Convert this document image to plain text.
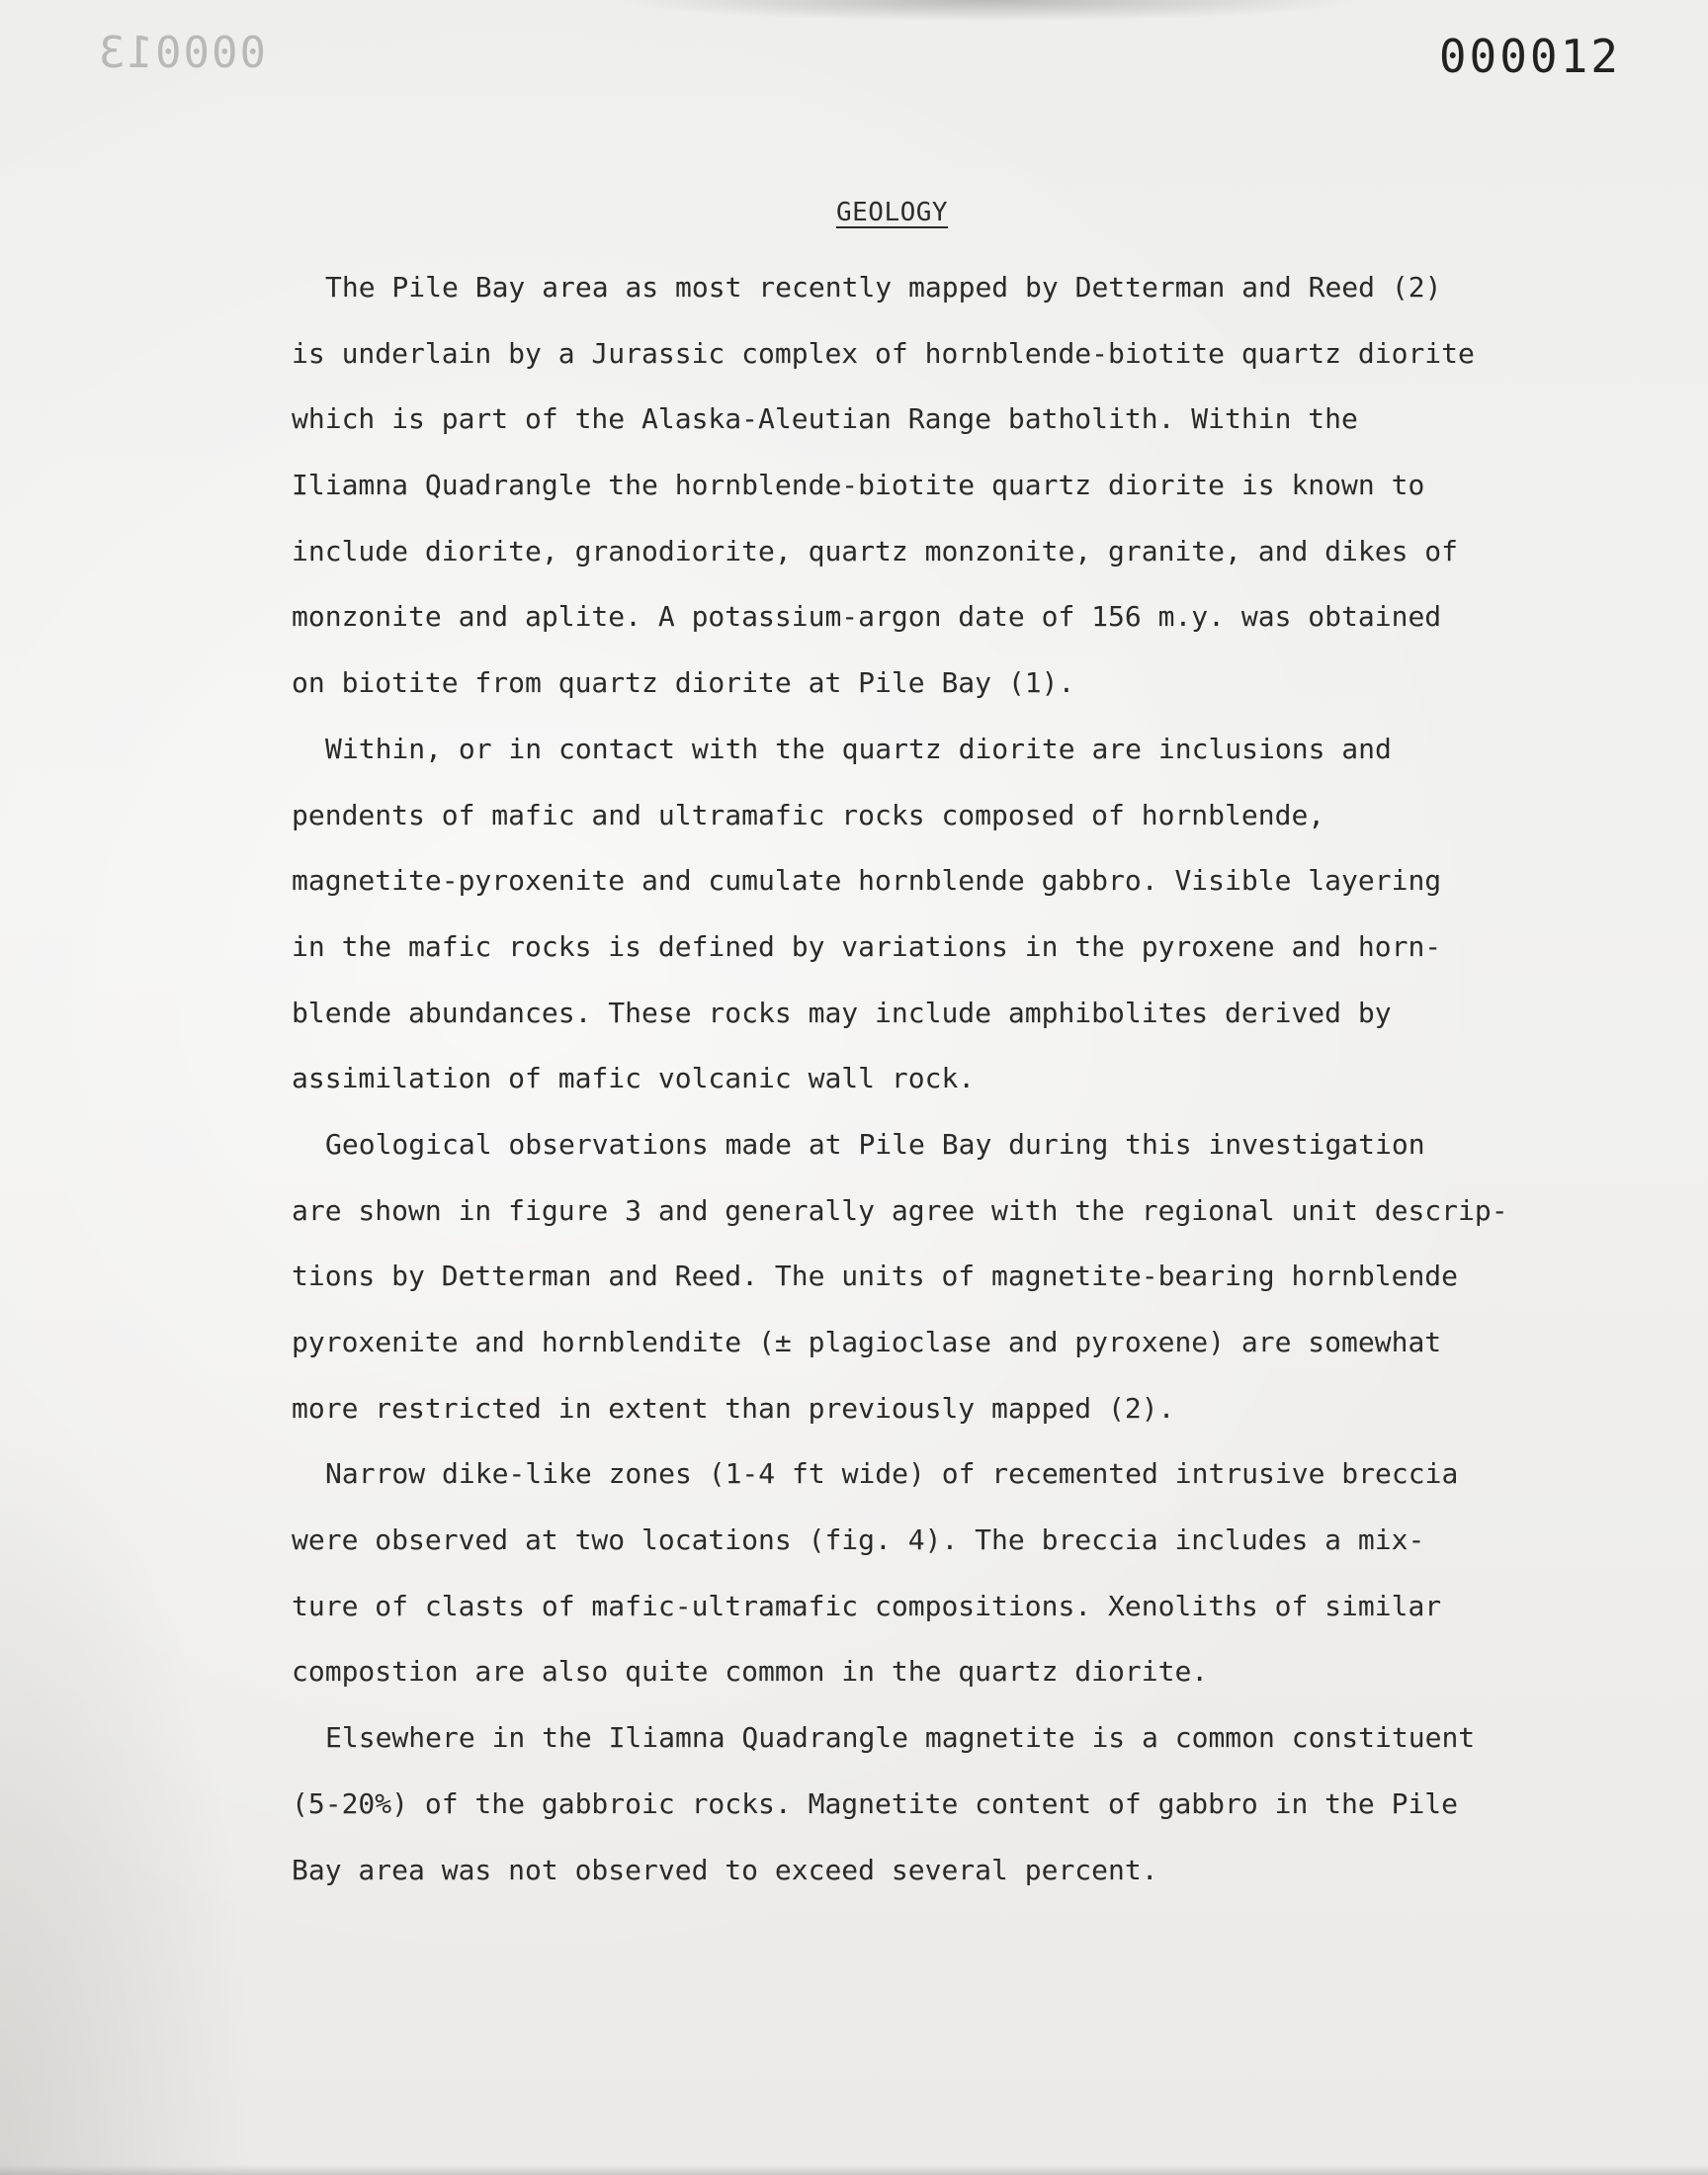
000013	000012
GEOLOGY
The Pile Bay area as most recently mapped by Detterman and Reed (2)
is underlain by a Jurassic complex of hornblende-biotite quartz diorite
which is part of the Alaska-Aleutian Range batholith. Within the
Iliamna Quadrangle the hornblende-biotite quartz diorite is known to
include diorite, granodiorite, quartz monzonite, granite, and dikes of
monzonite and aplite. A potassium-argon date of 156 m.y. was obtained
on biotite from quartz diorite at Pile Bay (1).
Within, or in contact with the quartz diorite are inclusions and
pendents of mafic and ultramafic rocks composed of hornblende,
magnetite-pyroxenite and cumulate hornblende gabbro. Visible layering
in the mafic rocks is defined by variations in the pyroxene and horn-
blende abundances. These rocks may include amphibolites derived by
assimilation of mafic volcanic wall rock.
Geological observations made at Pile Bay during this investigation
are shown in figure 3 and generally agree with the regional unit descrip-
tions by Detterman and Reed. The units of magnetite-bearing hornblende
pyroxenite and hornblendite (± plagioclase and pyroxene) are somewhat
more restricted in extent than previously mapped (2).
Narrow dike-like zones (1-4 ft wide) of recemented intrusive breccia
were observed at two locations (fig. 4). The breccia includes a mix-
ture of clasts of mafic-ultramafic compositions. Xenoliths of similar
compostion are also quite common in the quartz diorite.
Elsewhere in the Iliamna Quadrangle magnetite is a common constituent
(5-20%) of the gabbroic rocks. Magnetite content of gabbro in the Pile
Bay area was not observed to exceed several percent.
